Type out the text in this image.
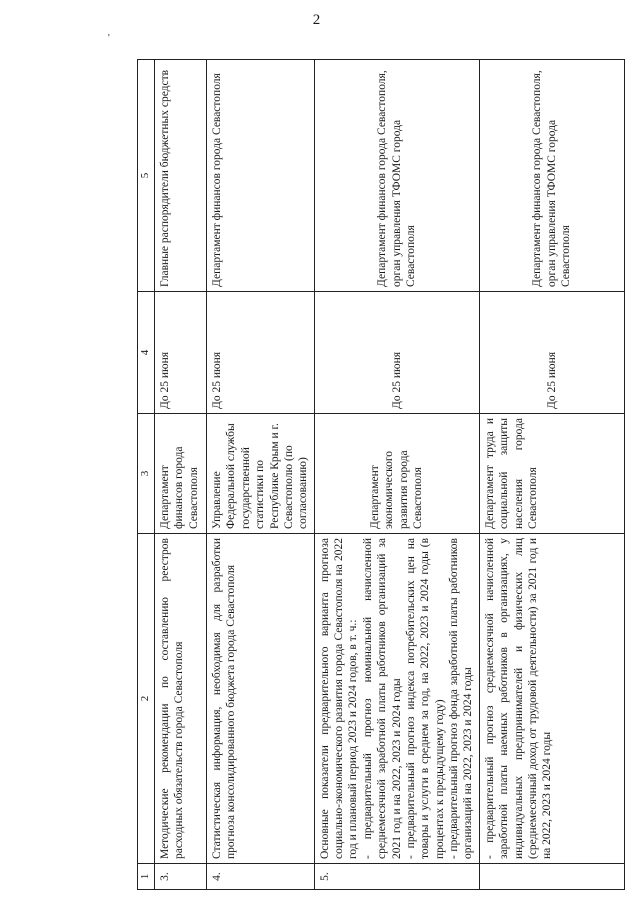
2
'
1	2	3	4	5
3.	Методические рекомендации по составлению реестров расходных обязательств города Севастополя	Департамент финансов города Севастополя	До 25 июня	Главные распорядители бюджетных средств
4.	Статистическая информация, необходимая для разработки прогноза консолидированного бюджета города Севастополя	Управление Федеральной службы государственной статистики по Республике Крым и г. Севастополю (по согласованию)	До 25 июня	Департамент финансов города Севастополя
5.	Основные показатели предварительного варианта прогноза социально-экономического развития города Севастополя на 2022 год и плановый период 2023 и 2024 годов, в т. ч.: - предварительный прогноз номинальной начисленной среднемесячной заработной платы работников организаций за 2021 год и на 2022, 2023 и 2024 годы - предварительный прогноз индекса потребительских цен на товары и услуги в среднем за год, на 2022, 2023 и 2024 годы (в процентах к предыдущему году) - предварительный прогноз фонда заработной платы работников организаций на 2022, 2023 и 2024 годы	Департамент экономического развития города Севастополя	До 25 июня	Департамент финансов города Севастополя, орган управления ТФОМС города Севастополя
	- предварительный прогноз среднемесячной начисленной заработной платы наемных работников в организациях, у индивидуальных предпринимателей и физических лиц (среднемесячный доход от трудовой деятельности) за 2021 год и на 2022, 2023 и 2024 годы	Департамент труда и социальной защиты населения города Севастополя	До 25 июня	Департамент финансов города Севастополя, орган управления ТФОМС города Севастополя
